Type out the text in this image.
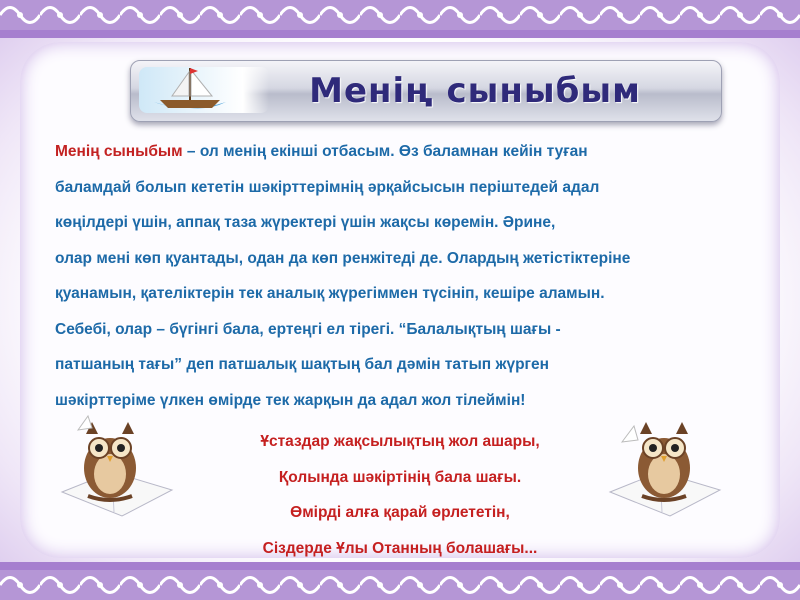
Менің сыныбым
Менің сыныбым – ол менің екінші отбасым. Өз баламнан кейін туған
баламдай болып кететін шәкірттерімнің әрқайсысын періштедей адал
көңілдері үшін, аппақ таза жүректері үшін жақсы көремін. Әрине,
олар мені көп қуантады, одан да көп ренжітеді де. Олардың жетістіктеріне
қуанамын, қателіктерін тек аналық жүрегіммен түсініп, кешіре аламын.
Себебі, олар – бүгінгі бала, ертеңгі ел тірегі. “Балалықтың шағы -
патшаның тағы” деп патшалық шақтың бал дәмін татып жүрген
шәкірттеріме үлкен өмірде тек жарқын да адал жол тілеймін!
Ұстаздар жақсылықтың жол ашары,
Қолында шәкіртінің бала шағы.
Өмірді алға қарай өрлететін,
Сіздерде Ұлы Отанның болашағы...
